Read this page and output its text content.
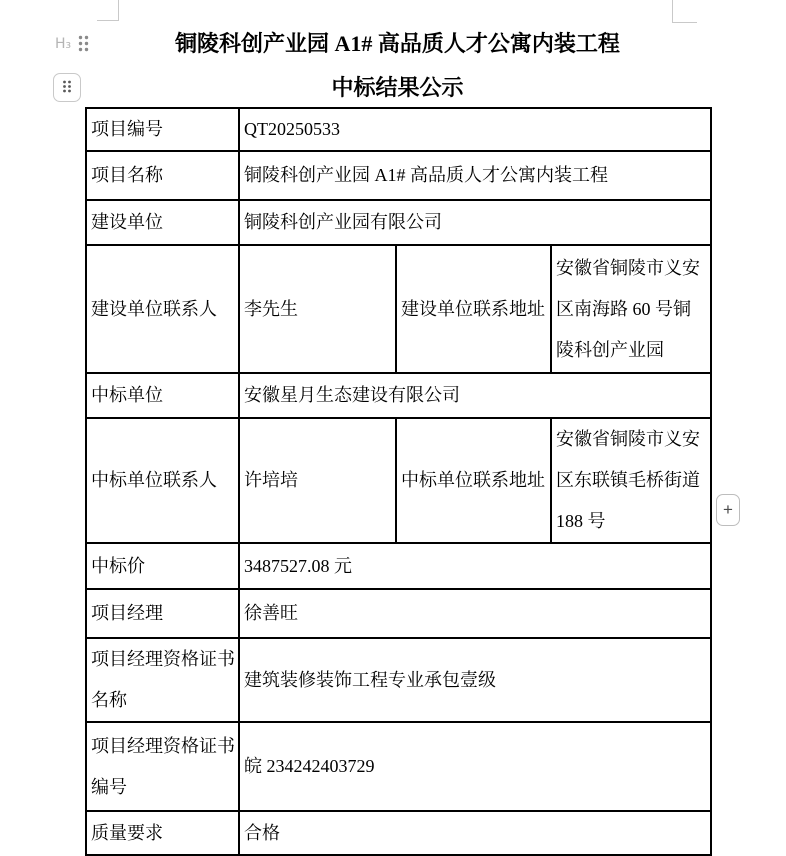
H₃	铜陵科创产业园 A1# 高品质人才公寓内装工程
中标结果公示
项目编号	QT20250533		
项目名称	铜陵科创产业园 A1# 高品质人才公寓内装工程		
建设单位	铜陵科创产业园有限公司		
建设单位联系人	李先生	建设单位联系地址	安徽省铜陵市义安区南海路 60 号铜陵科创产业园
中标单位	安徽星月生态建设有限公司		
中标单位联系人	许培培	中标单位联系地址	安徽省铜陵市义安区东联镇毛桥街道 188 号
中标价	3487527.08 元		
项目经理	徐善旺		
项目经理资格证书名称	建筑装修装饰工程专业承包壹级		
项目经理资格证书编号	皖 234242403729		
质量要求	合格		
+
